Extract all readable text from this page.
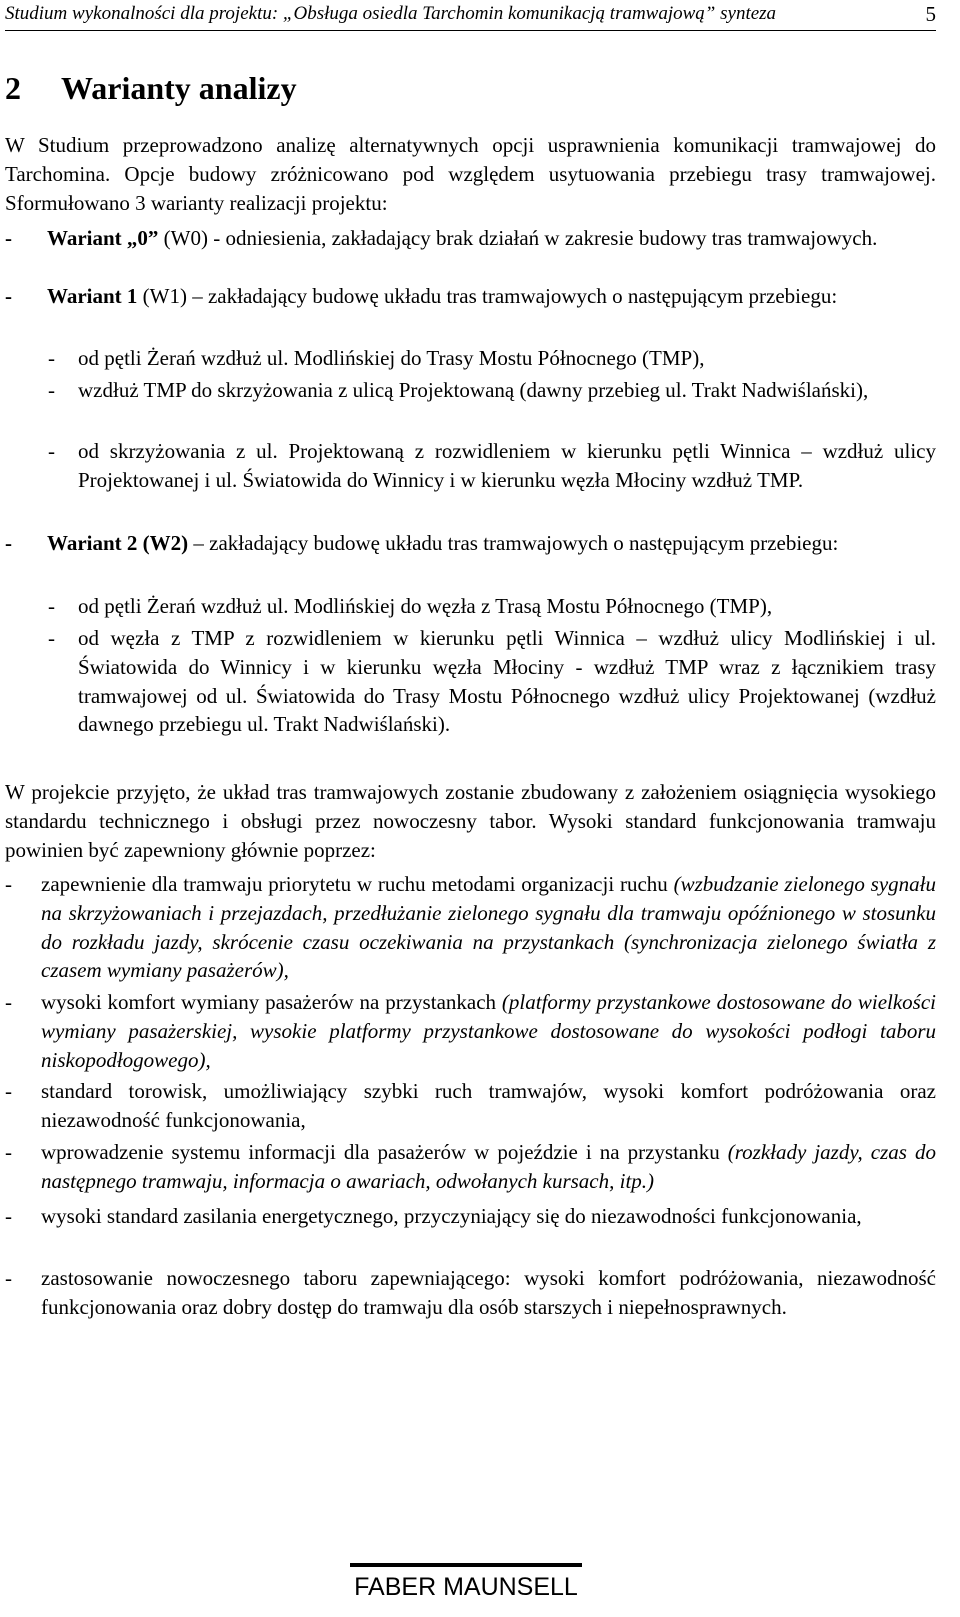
Studium wykonalności dla projektu: „Obsługa osiedla Tarchomin komunikacją tramwajową” synteza	5
2 Warianty analizy
W Studium przeprowadzono analizę alternatywnych opcji usprawnienia komunikacji tramwajowej do Tarchomina. Opcje budowy zróżnicowano pod względem usytuowania przebiegu trasy tramwajowej. Sformułowano 3 warianty realizacji projektu:
- Wariant „0” (W0) - odniesienia, zakładający brak działań w zakresie budowy tras tramwajowych.
- Wariant 1 (W1) – zakładający budowę układu tras tramwajowych o następującym przebiegu:
- od pętli Żerań wzdłuż ul. Modlińskiej do Trasy Mostu Północnego (TMP),
- wzdłuż TMP do skrzyżowania z ulicą Projektowaną (dawny przebieg ul. Trakt Nadwiślański),
- od skrzyżowania z ul. Projektowaną z rozwidleniem w kierunku pętli Winnica – wzdłuż ulicy Projektowanej i ul. Światowida do Winnicy i w kierunku węzła Młociny wzdłuż TMP.
- Wariant 2 (W2) – zakładający budowę układu tras tramwajowych o następującym przebiegu:
- od pętli Żerań wzdłuż ul. Modlińskiej do węzła z Trasą Mostu Północnego (TMP),
- od węzła z TMP z rozwidleniem w kierunku pętli Winnica – wzdłuż ulicy Modlińskiej i ul. Światowida do Winnicy i w kierunku węzła Młociny - wzdłuż TMP wraz z łącznikiem trasy tramwajowej od ul. Światowida do Trasy Mostu Północnego wzdłuż ulicy Projektowanej (wzdłuż dawnego przebiegu ul. Trakt Nadwiślański).
W projekcie przyjęto, że układ tras tramwajowych zostanie zbudowany z założeniem osiągnięcia wysokiego standardu technicznego i obsługi przez nowoczesny tabor. Wysoki standard funkcjonowania tramwaju powinien być zapewniony głównie poprzez:
- zapewnienie dla tramwaju priorytetu w ruchu metodami organizacji ruchu (wzbudzanie zielonego sygnału na skrzyżowaniach i przejazdach, przedłużanie zielonego sygnału dla tramwaju opóźnionego w stosunku do rozkładu jazdy, skrócenie czasu oczekiwania na przystankach (synchronizacja zielonego światła z czasem wymiany pasażerów),
- wysoki komfort wymiany pasażerów na przystankach (platformy przystankowe dostosowane do wielkości wymiany pasażerskiej, wysokie platformy przystankowe dostosowane do wysokości podłogi taboru niskopodłogowego),
- standard torowisk, umożliwiający szybki ruch tramwajów, wysoki komfort podróżowania oraz niezawodność funkcjonowania,
- wprowadzenie systemu informacji dla pasażerów w pojeździe i na przystanku (rozkłady jazdy, czas do następnego tramwaju, informacja o awariach, odwołanych kursach, itp.)
- wysoki standard zasilania energetycznego, przyczyniający się do niezawodności funkcjonowania,
- zastosowanie nowoczesnego taboru zapewniającego: wysoki komfort podróżowania, niezawodność funkcjonowania oraz dobry dostęp do tramwaju dla osób starszych i niepełnosprawnych.
FABER MAUNSELL
